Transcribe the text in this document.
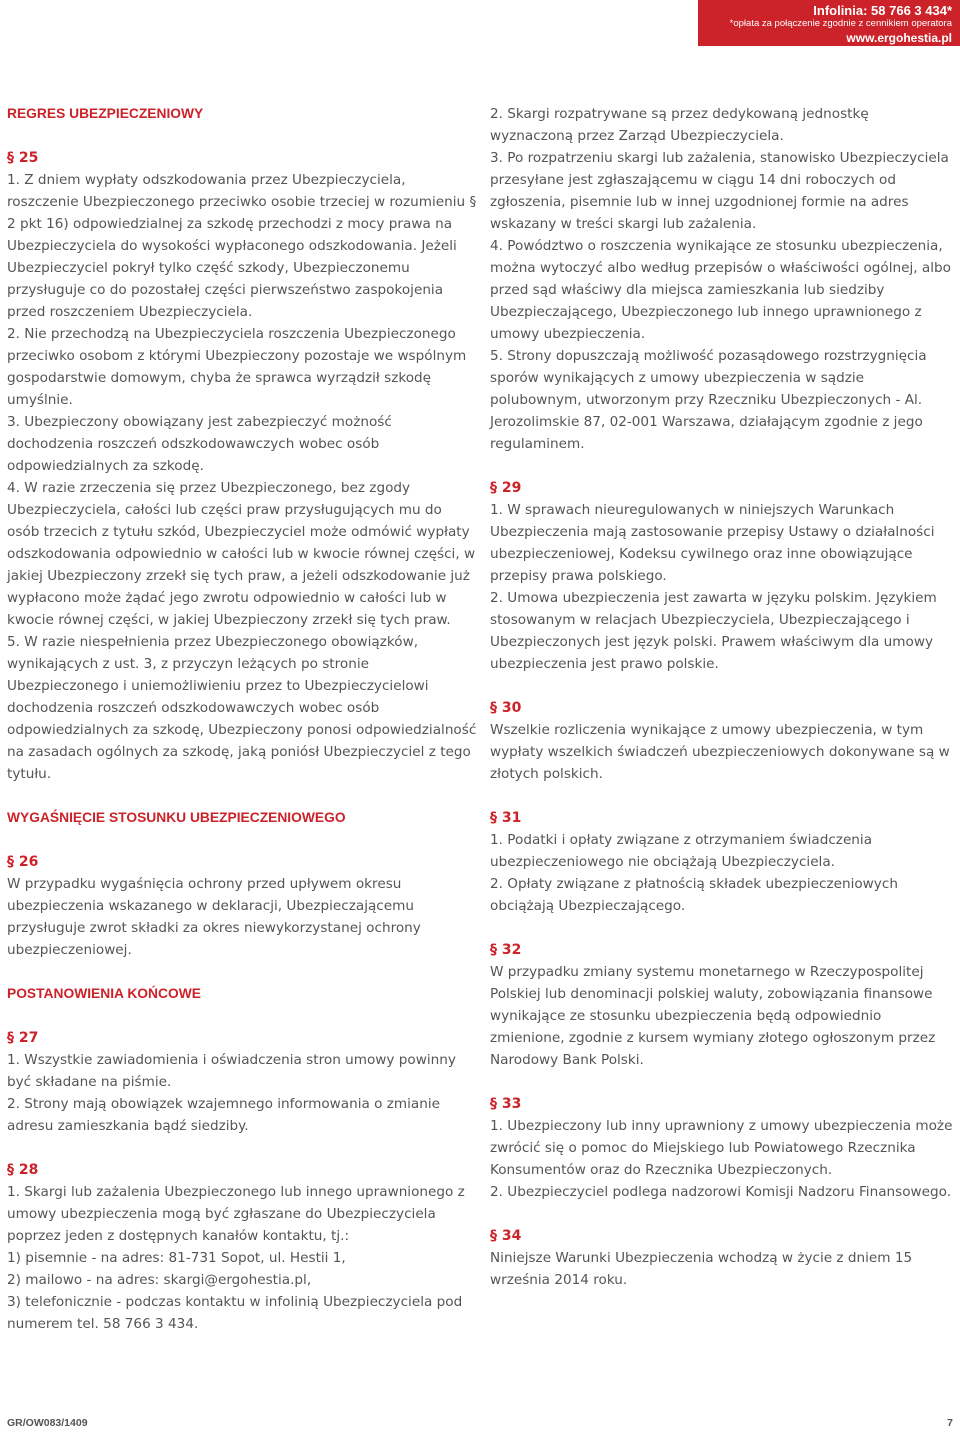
Infolinia: 58 766 3 434*
*opłata za połączenie zgodnie z cennikiem operatora
www.ergohestia.pl
REGRES UBEZPIECZENIOWY
§ 25

1. Z dniem wypłaty odszkodowania przez Ubezpieczyciela, roszczenie Ubezpieczonego przeciwko osobie trzeciej w rozumieniu § 2 pkt 16) odpowiedzialnej za szkodę przechodzi z mocy prawa na Ubezpieczyciela do wysokości wypłaconego odszkodowania. Jeżeli Ubezpieczyciel pokrył tylko część szkody, Ubezpieczonemu przysługuje co do pozostałej części pierwszeństwo zaspokojenia przed roszczeniem Ubezpieczyciela.

2. Nie przechodzą na Ubezpieczyciela roszczenia Ubezpieczonego przeciwko osobom z którymi Ubezpieczony pozostaje we wspólnym gospodarstwie domowym, chyba że sprawca wyrządził szkodę umyślnie.

3. Ubezpieczony obowiązany jest zabezpieczyć możność dochodzenia roszczeń odszkodowawczych wobec osób odpowiedzialnych za szkodę.

4. W razie zrzeczenia się przez Ubezpieczonego, bez zgody Ubezpieczyciela, całości lub części praw przysługujących mu do osób trzecich z tytułu szkód, Ubezpieczyciel może odmówić wypłaty odszkodowania odpowiednio w całości lub w kwocie równej części, w jakiej Ubezpieczony zrzekł się tych praw, a jeżeli odszkodowanie już wypłacono może żądać jego zwrotu odpowiednio w całości lub w kwocie równej części, w jakiej Ubezpieczony zrzekł się tych praw.

5. W razie niespełnienia przez Ubezpieczonego obowiązków, wynikających z ust. 3, z przyczyn leżących po stronie Ubezpieczonego i uniemożliwieniu przez to Ubezpieczycielowi dochodzenia roszczeń odszkodowawczych wobec osób odpowiedzialnych za szkodę, Ubezpieczony ponosi odpowiedzialność na zasadach ogólnych za szkodę, jaką poniósł Ubezpieczyciel z tego tytułu.

WYGAŚNIĘCIE STOSUNKU UBEZPIECZENIOWEGO
§ 26

W przypadku wygaśnięcia ochrony przed upływem okresu ubezpieczenia wskazanego w deklaracji, Ubezpieczającemu przysługuje zwrot składki za okres niewykorzystanej ochrony ubezpieczeniowej.

POSTANOWIENIA KOŃCOWE
§ 27

1. Wszystkie zawiadomienia i oświadczenia stron umowy powinny być składane na piśmie.

2. Strony mają obowiązek wzajemnego informowania o zmianie adresu zamieszkania bądź siedziby.

§ 28

1. Skargi lub zażalenia Ubezpieczonego lub innego uprawnionego z umowy ubezpieczenia mogą być zgłaszane do Ubezpieczyciela poprzez jeden z dostępnych kanałów kontaktu, tj.:

1) pisemnie - na adres: 81-731 Sopot, ul. Hestii 1,

2) mailowo - na adres: skargi@ergohestia.pl,

3) telefonicznie - podczas kontaktu w infolinią Ubezpieczyciela pod numerem tel. 58 766 3 434.

2. Skargi rozpatrywane są przez dedykowaną jednostkę wyznaczoną przez Zarząd Ubezpieczyciela.

3. Po rozpatrzeniu skargi lub zażalenia, stanowisko Ubezpieczyciela przesyłane jest zgłaszającemu w ciągu 14 dni roboczych od zgłoszenia, pisemnie lub w innej uzgodnionej formie na adres wskazany w treści skargi lub zażalenia.

4. Powództwo o roszczenia wynikające ze stosunku ubezpieczenia, można wytoczyć albo według przepisów o właściwości ogólnej, albo przed sąd właściwy dla miejsca zamieszkania lub siedziby Ubezpieczającego, Ubezpieczonego lub innego uprawnionego z umowy ubezpieczenia.

5. Strony dopuszczają możliwość pozasądowego rozstrzygnięcia sporów wynikających z umowy ubezpieczenia w sądzie polubownym, utworzonym przy Rzeczniku Ubezpieczonych - Al. Jerozolimskie 87, 02-001 Warszawa, działającym zgodnie z jego regulaminem.

§ 29

1. W sprawach nieuregulowanych w niniejszych Warunkach Ubezpieczenia mają zastosowanie przepisy Ustawy o działalności ubezpieczeniowej, Kodeksu cywilnego oraz inne obowiązujące przepisy prawa polskiego.

2. Umowa ubezpieczenia jest zawarta w języku polskim. Językiem stosowanym w relacjach Ubezpieczyciela, Ubezpieczającego i Ubezpieczonych jest język polski. Prawem właściwym dla umowy ubezpieczenia jest prawo polskie.

§ 30

Wszelkie rozliczenia wynikające z umowy ubezpieczenia, w tym wypłaty wszelkich świadczeń ubezpieczeniowych dokonywane są w złotych polskich.

§ 31

1. Podatki i opłaty związane z otrzymaniem świadczenia ubezpieczeniowego nie obciążają Ubezpieczyciela.

2. Opłaty związane z płatnością składek ubezpieczeniowych obciążają Ubezpieczającego.

§ 32

W przypadku zmiany systemu monetarnego w Rzeczypospolitej Polskiej lub denominacji polskiej waluty, zobowiązania finansowe wynikające ze stosunku ubezpieczenia będą odpowiednio zmienione, zgodnie z kursem wymiany złotego ogłoszonym przez Narodowy Bank Polski.

§ 33

1. Ubezpieczony lub inny uprawniony z umowy ubezpieczenia może zwrócić się o pomoc do Miejskiego lub Powiatowego Rzecznika Konsumentów oraz do Rzecznika Ubezpieczonych.

2. Ubezpieczyciel podlega nadzorowi Komisji Nadzoru Finansowego.

§ 34

Niniejsze Warunki Ubezpieczenia wchodzą w życie z dniem 15 września 2014 roku.

GR/OW083/1409	7
